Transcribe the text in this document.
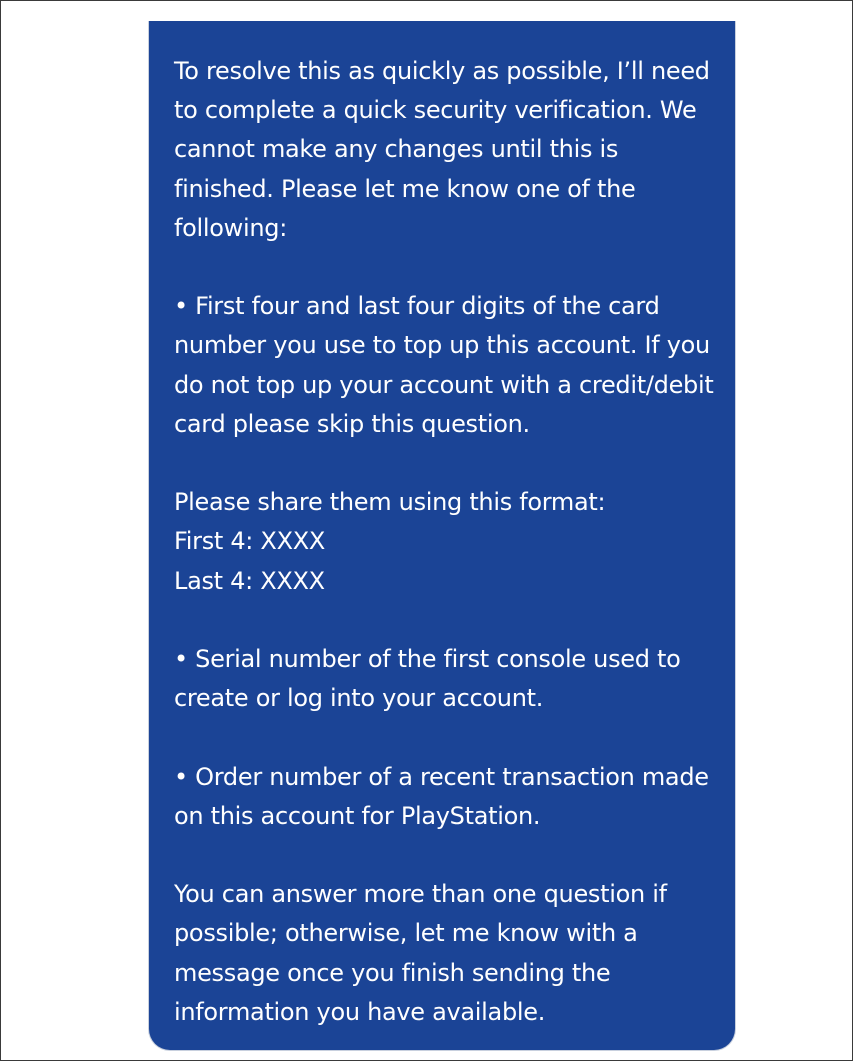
To resolve this as quickly as possible, I’ll need to complete a quick security verification. We cannot make any changes until this is finished. Please let me know one of the following:

• First four and last four digits of the card number you use to top up this account. If you do not top up your account with a credit/debit card please skip this question.

Please share them using this format:

First 4: XXXX

Last 4: XXXX

• Serial number of the first console used to create or log into your account.

• Order number of a recent transaction made on this account for PlayStation.

You can answer more than one question if possible; otherwise, let me know with a message once you finish sending the information you have available.
